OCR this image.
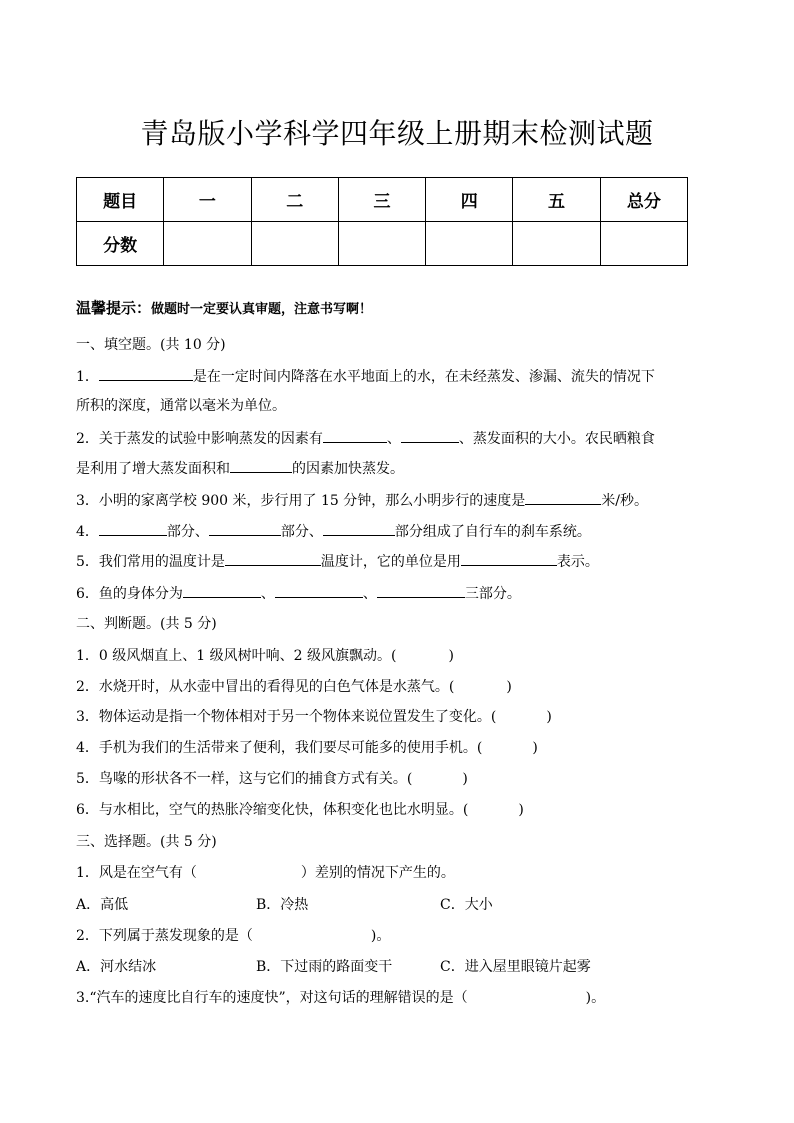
青岛版小学科学四年级上册期末检测试题
题目	一	二	三	四	五	总分
分数						
温馨提示：做题时一定要认真审题，注意书写啊！
一、填空题。(共 10 分)
1．	是在一定时间内降落在水平地面上的水，在未经蒸发、渗漏、流失的情况下
所积的深度，通常以毫米为单位。
2．关于蒸发的试验中影响蒸发的因素有	、	、蒸发面积的大小。农民晒粮食
是利用了增大蒸发面积和	的因素加快蒸发。
3．小明的家离学校 900 米，步行用了 15 分钟，那么小明步行的速度是	米/秒。
4．	部分、	部分、	部分组成了自行车的刹车系统。
5．我们常用的温度计是	温度计，它的单位是用	表示。
6．鱼的身体分为	、	、	三部分。
二、判断题。(共 5 分)
1．0 级风烟直上、1 级风树叶响、2 级风旗飘动。(	)
2．水烧开时，从水壶中冒出的看得见的白色气体是水蒸气。(	)
3．物体运动是指一个物体相对于另一个物体来说位置发生了变化。(	)
4．手机为我们的生活带来了便利，我们要尽可能多的使用手机。(	)
5．鸟喙的形状各不一样，这与它们的捕食方式有关。(	)
6．与水相比，空气的热胀冷缩变化快，体积变化也比水明显。(	)
三、选择题。(共 5 分)
1．风是在空气有（	）差别的情况下产生的。
A．高低	B．冷热	C．大小
2．下列属于蒸发现象的是（	)。
A．河水结冰	B．下过雨的路面变干	C．进入屋里眼镜片起雾
3.“汽车的速度比自行车的速度快”，对这句话的理解错误的是（	)。
